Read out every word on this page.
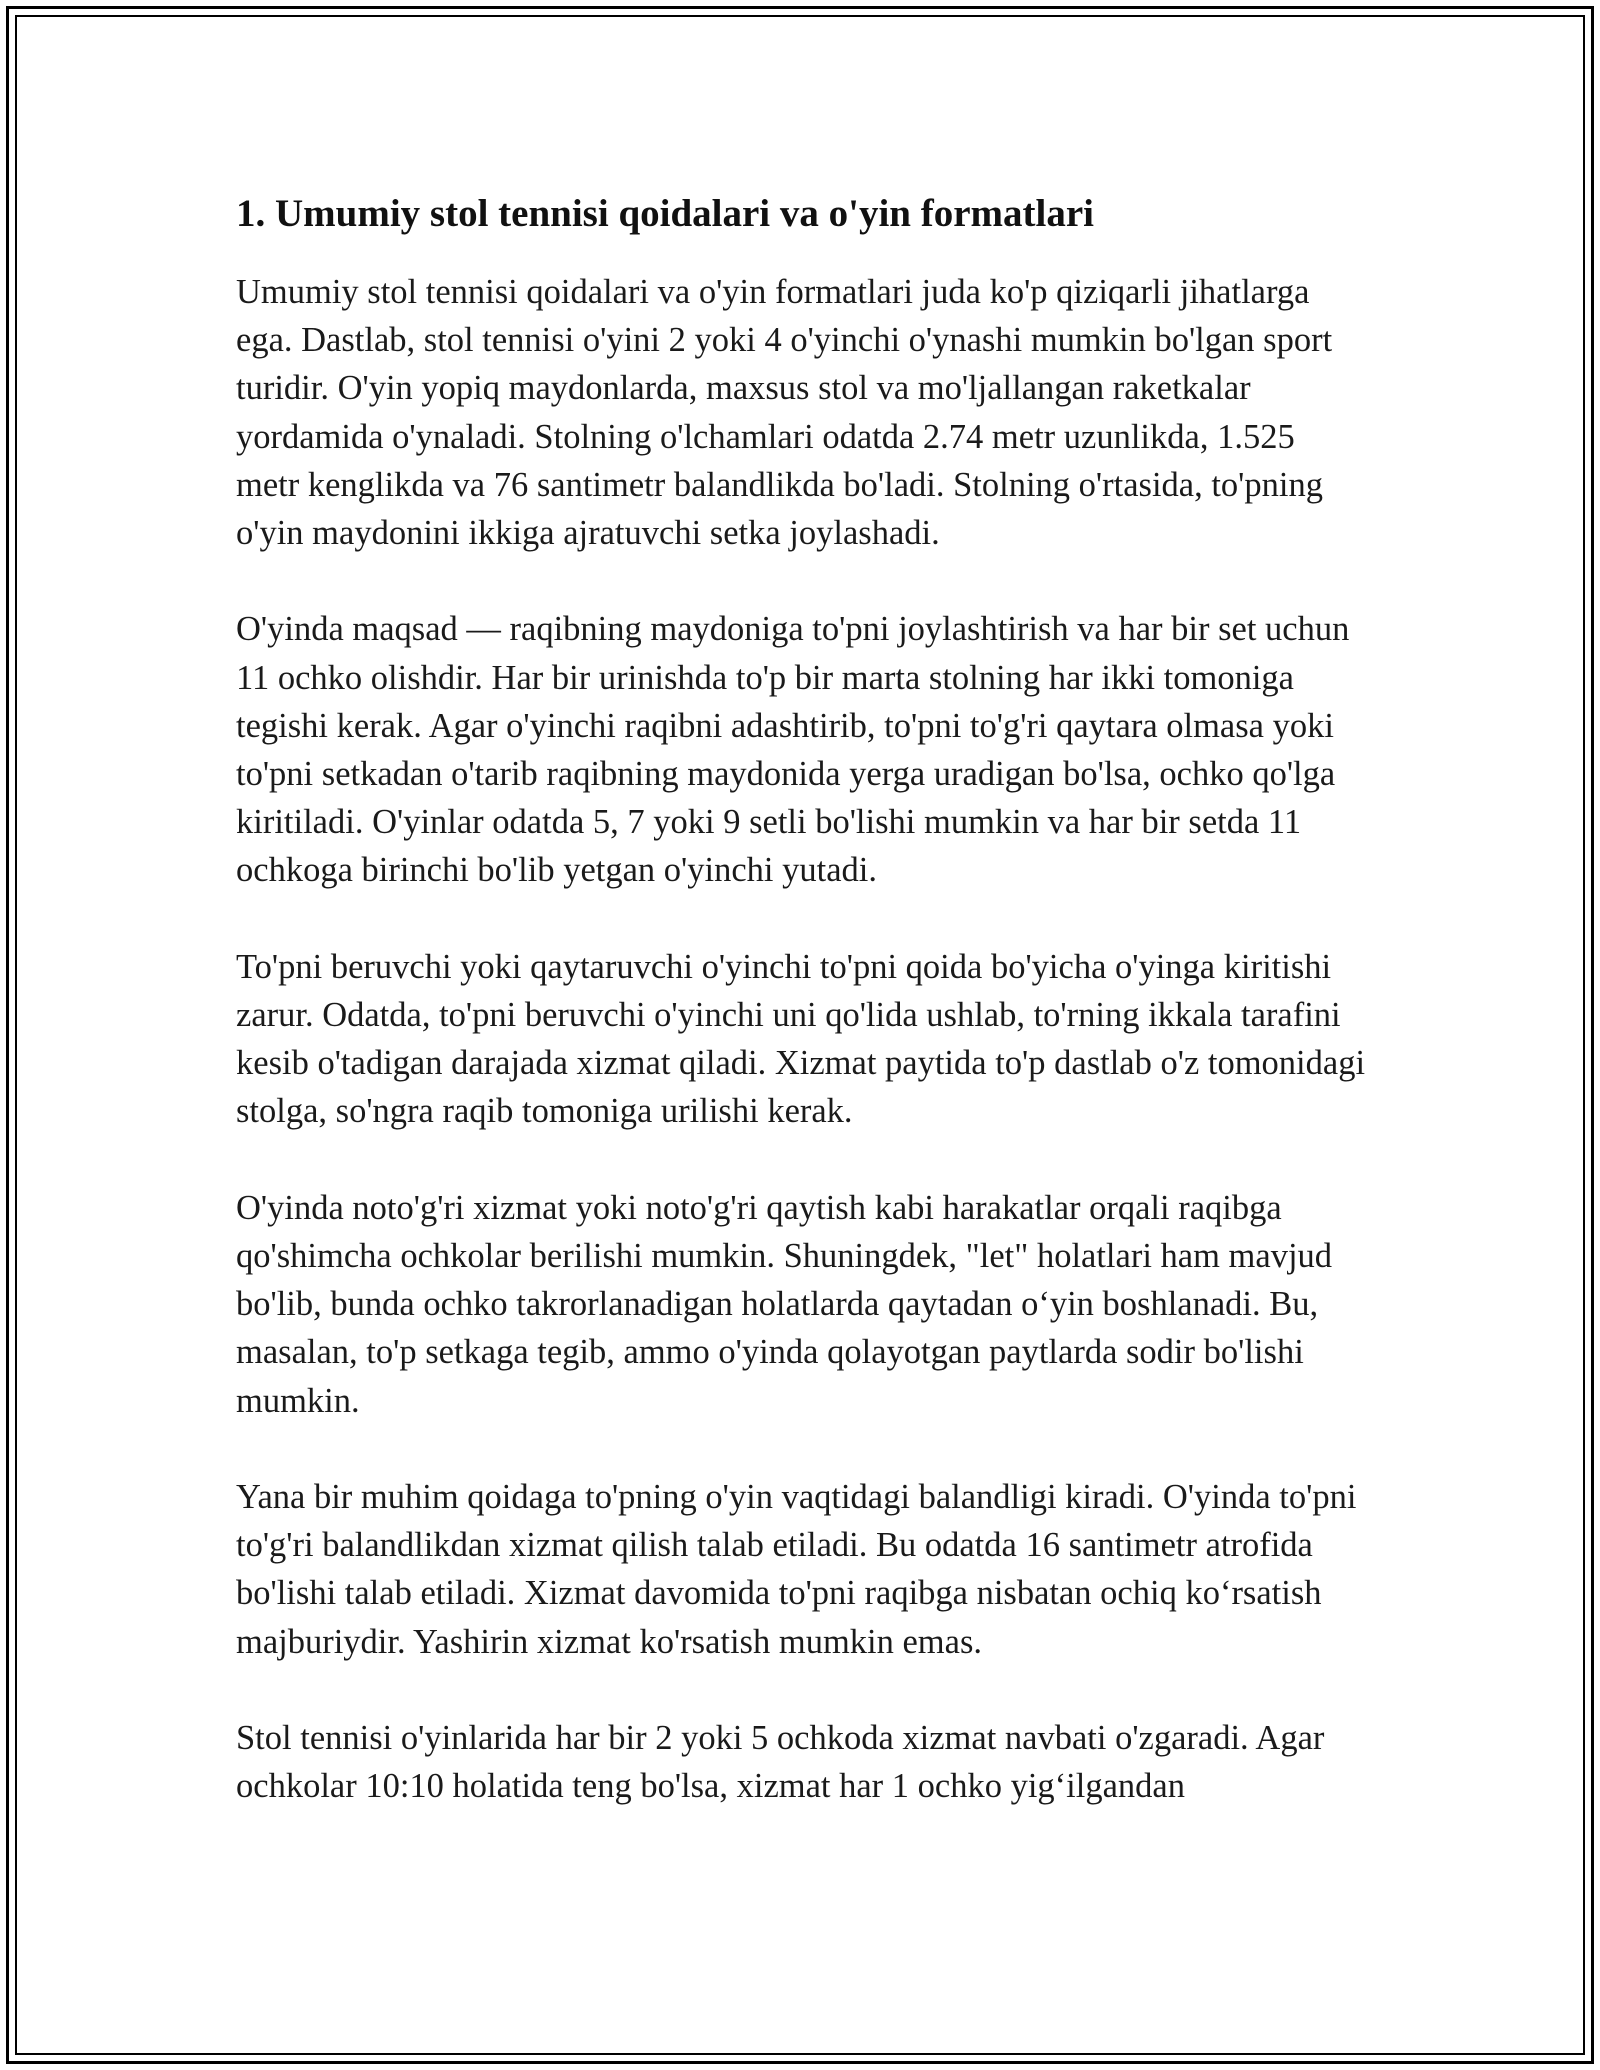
1. Umumiy stol tennisi qoidalari va o'yin formatlari

Umumiy stol tennisi qoidalari va o'yin formatlari juda ko'p qiziqarli jihatlarga ega. Dastlab, stol tennisi o'yini 2 yoki 4 o'yinchi o'ynashi mumkin bo'lgan sport turidir. O'yin yopiq maydonlarda, maxsus stol va mo'ljallangan raketkalar yordamida o'ynaladi. Stolning o'lchamlari odatda 2.74 metr uzunlikda, 1.525 metr kenglikda va 76 santimetr balandlikda bo'ladi. Stolning o'rtasida, to'pning o'yin maydonini ikkiga ajratuvchi setka joylashadi.

O'yinda maqsad — raqibning maydoniga to'pni joylashtirish va har bir set uchun 11 ochko olishdir. Har bir urinishda to'p bir marta stolning har ikki tomoniga tegishi kerak. Agar o'yinchi raqibni adashtirib, to'pni to'g'ri qaytara olmasa yoki to'pni setkadan o'tarib raqibning maydonida yerga uradigan bo'lsa, ochko qo'lga kiritiladi. O'yinlar odatda 5, 7 yoki 9 setli bo'lishi mumkin va har bir setda 11 ochkoga birinchi bo'lib yetgan o'yinchi yutadi.

To'pni beruvchi yoki qaytaruvchi o'yinchi to'pni qoida bo'yicha o'yinga kiritishi zarur. Odatda, to'pni beruvchi o'yinchi uni qo'lida ushlab, to'rning ikkala tarafini kesib o'tadigan darajada xizmat qiladi. Xizmat paytida to'p dastlab o'z tomonidagi stolga, so'ngra raqib tomoniga urilishi kerak.

O'yinda noto'g'ri xizmat yoki noto'g'ri qaytish kabi harakatlar orqali raqibga qo'shimcha ochkolar berilishi mumkin. Shuningdek, "let" holatlari ham mavjud bo'lib, bunda ochko takrorlanadigan holatlarda qaytadan o‘yin boshlanadi. Bu, masalan, to'p setkaga tegib, ammo o'yinda qolayotgan paytlarda sodir bo'lishi mumkin.

Yana bir muhim qoidaga to'pning o'yin vaqtidagi balandligi kiradi. O'yinda to'pni to'g'ri balandlikdan xizmat qilish talab etiladi. Bu odatda 16 santimetr atrofida bo'lishi talab etiladi. Xizmat davomida to'pni raqibga nisbatan ochiq ko‘rsatish majburiydir. Yashirin xizmat ko'rsatish mumkin emas.

Stol tennisi o'yinlarida har bir 2 yoki 5 ochkoda xizmat navbati o'zgaradi. Agar ochkolar 10:10 holatida teng bo'lsa, xizmat har 1 ochko yig‘ilgandan
